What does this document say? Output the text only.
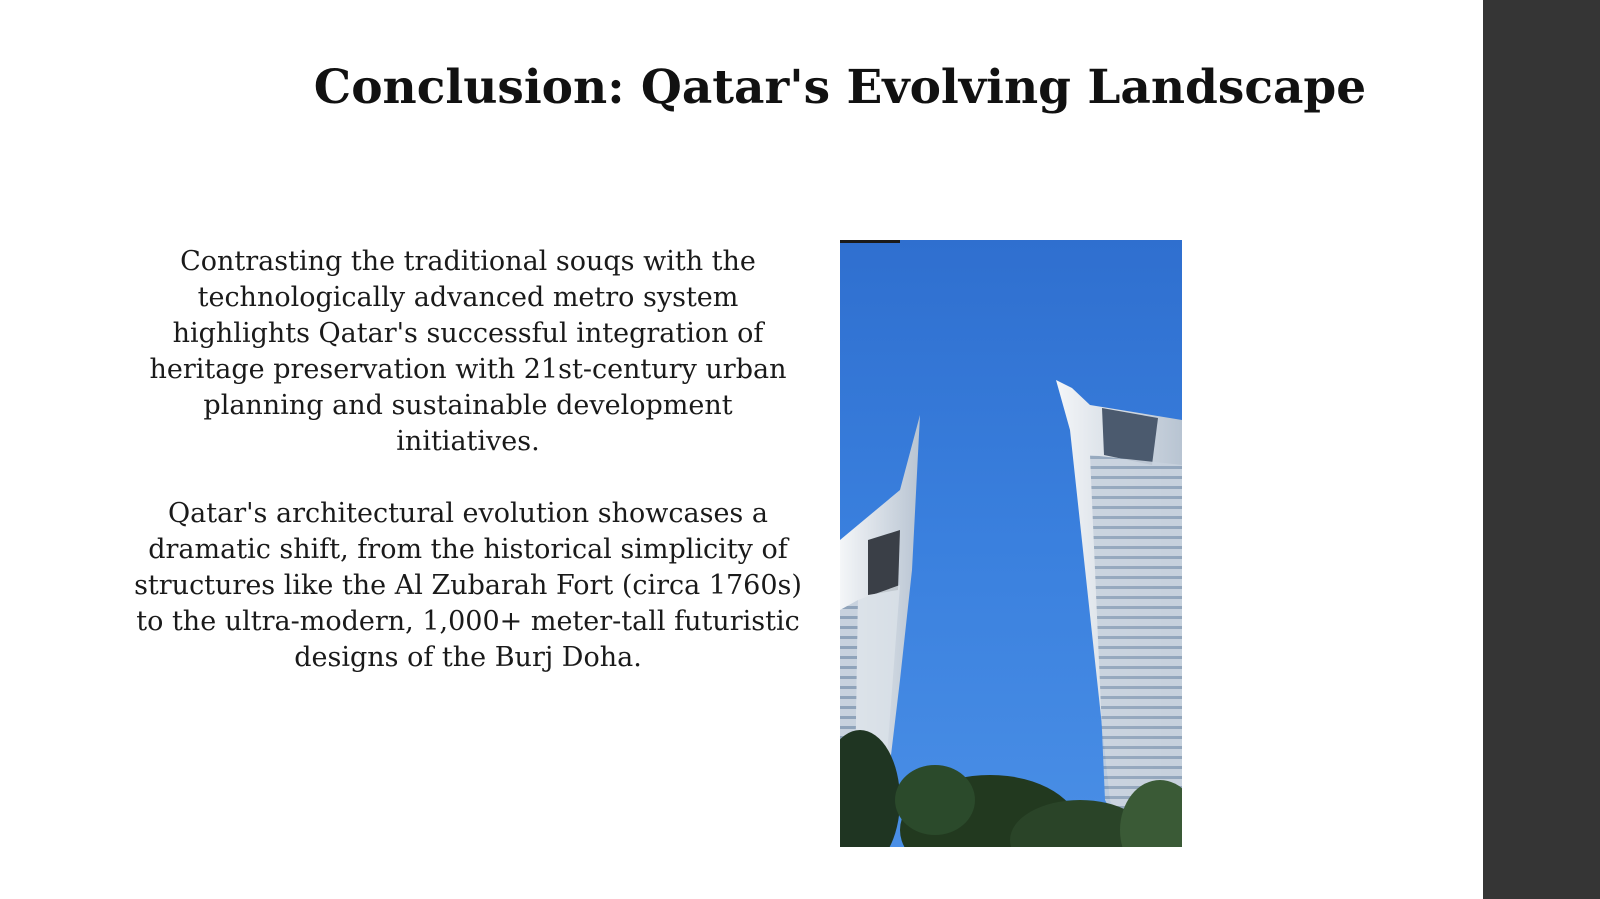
Conclusion: Qatar's Evolving Landscape

Contrasting the traditional souqs with the
technologically advanced metro system
highlights Qatar's successful integration of
heritage preservation with 21st-century urban
planning and sustainable development
initiatives.

Qatar's architectural evolution showcases a
dramatic shift, from the historical simplicity of
structures like the Al Zubarah Fort (circa 1760s)
to the ultra-modern, 1,000+ meter-tall futuristic
designs of the Burj Doha.
